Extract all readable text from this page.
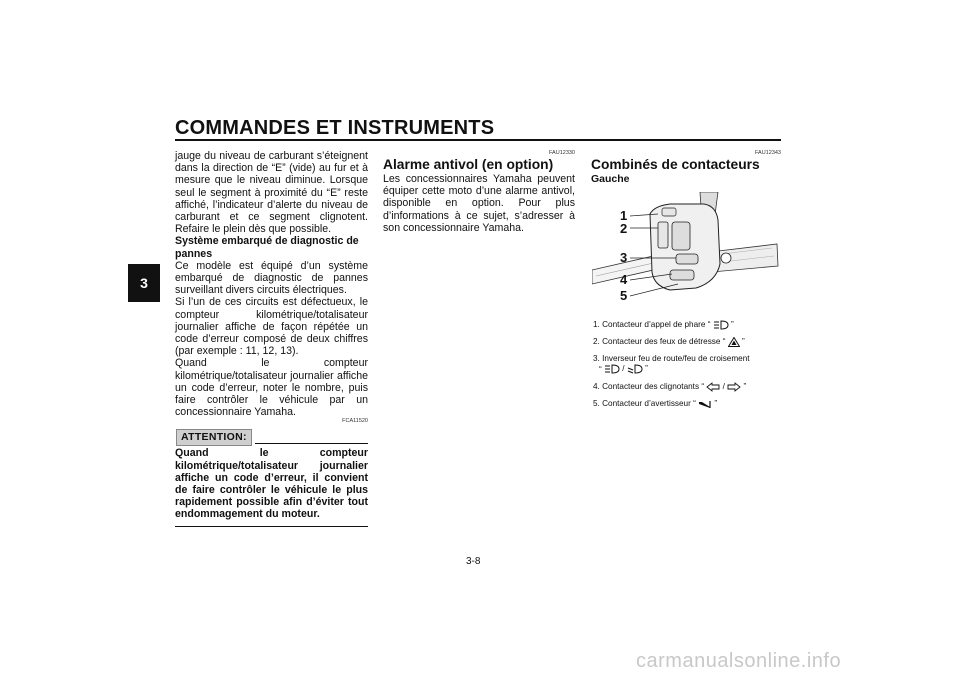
COMMANDES ET INSTRUMENTS
3

jauge du niveau de carburant s’éteignent dans la direction de “E” (vide) au fur et à mesure que le niveau diminue. Lorsque seul le segment à proximité du “E” reste affiché, l’indicateur d’alerte du niveau de carburant et ce segment clignotent. Refaire le plein dès que possible.

Système embarqué de diagnostic de pannes

Ce modèle est équipé d’un système embarqué de diagnostic de pannes surveillant divers circuits électriques.

Si l’un de ces circuits est défectueux, le compteur kilométrique/totalisateur journalier affiche de façon répétée un code d’erreur composé de deux chiffres (par exemple : 11, 12, 13).

Quand le compteur kilométrique/totalisateur journalier affiche un code d’erreur, noter le nombre, puis faire contrôler le véhicule par un concessionnaire Yamaha.

FCA11520
ATTENTION:

Quand le compteur kilométrique/totalisateur journalier affiche un code d’erreur, il convient de faire contrôler le véhicule le plus rapidement possible afin d’éviter tout endommagement du moteur.

FAU12330
Alarme antivol (en option)

Les concessionnaires Yamaha peuvent équiper cette moto d’une alarme antivol, disponible en option. Pour plus d’informations à ce sujet, s’adresser à son concessionnaire Yamaha.

FAU12343
Combinés de contacteurs
Gauche
1
2
3
4
5
1. Contacteur d’appel de phare “	”
2. Contacteur des feux de détresse “ ”
3. Inverseur feu de route/feu de croisement
“	/	”
4. Contacteur des clignotants “ / ”
5. Contacteur d’avertisseur “ ”
3-8
carmanualsonline.info
